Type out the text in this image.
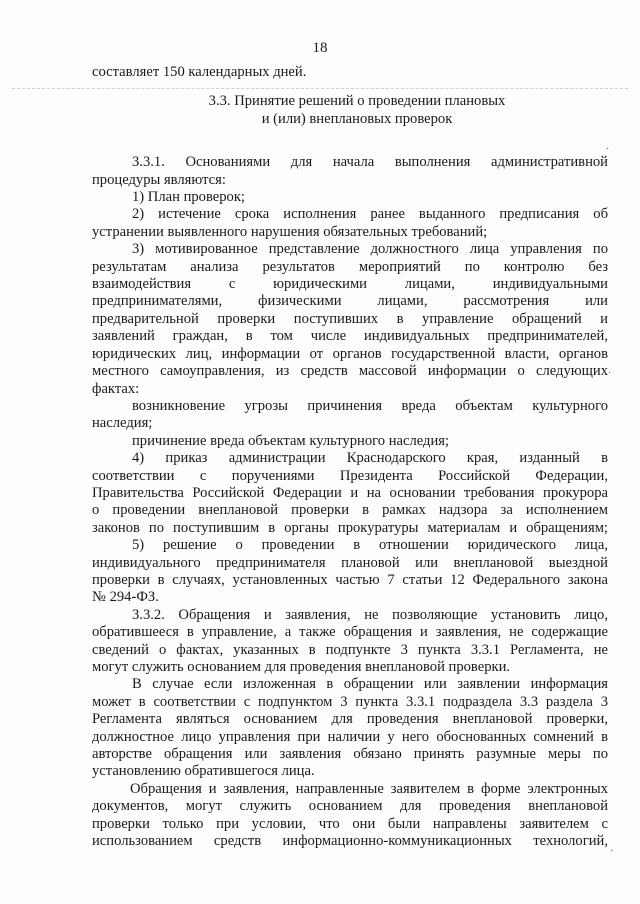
18
составляет 150 календарных дней.
3.3. Принятие решений о проведении плановых
и (или) внеплановых проверок
3.3.1. Основаниями для начала выполнения административной
процедуры являются:
1) План проверок;
2) истечение срока исполнения ранее выданного предписания об
устранении выявленного нарушения обязательных требований;
3) мотивированное представление должностного лица управления по
результатам анализа результатов мероприятий по контролю без
взаимодействия с юридическими лицами, индивидуальными
предпринимателями, физическими лицами, рассмотрения или
предварительной проверки поступивших в управление обращений и
заявлений граждан, в том числе индивидуальных предпринимателей,
юридических лиц, информации от органов государственной власти, органов
местного самоуправления, из средств массовой информации о следующих
фактах:
возникновение угрозы причинения вреда объектам культурного
наследия;
причинение вреда объектам культурного наследия;
4) приказ администрации Краснодарского края, изданный в
соответствии с поручениями Президента Российской Федерации,
Правительства Российской Федерации и на основании требования прокурора
о проведении внеплановой проверки в рамках надзора за исполнением
законов по поступившим в органы прокуратуры материалам и обращениям;
5) решение о проведении в отношении юридического лица,
индивидуального предпринимателя плановой или внеплановой выездной
проверки в случаях, установленных частью 7 статьи 12 Федерального закона
№ 294-ФЗ.
3.3.2. Обращения и заявления, не позволяющие установить лицо,
обратившееся в управление, а также обращения и заявления, не содержащие
сведений о фактах, указанных в подпункте 3 пункта 3.3.1 Регламента, не
могут служить основанием для проведения внеплановой проверки.
В случае если изложенная в обращении или заявлении информация
может в соответствии с подпунктом 3 пункта 3.3.1 подраздела 3.3 раздела 3
Регламента являться основанием для проведения внеплановой проверки,
должностное лицо управления при наличии у него обоснованных сомнений в
авторстве обращения или заявления обязано принять разумные меры по
установлению обратившегося лица.
Обращения и заявления, направленные заявителем в форме электронных
документов, могут служить основанием для проведения внеплановой
проверки только при условии, что они были направлены заявителем с
использованием средств информационно-коммуникационных технологий,
·
·
·
